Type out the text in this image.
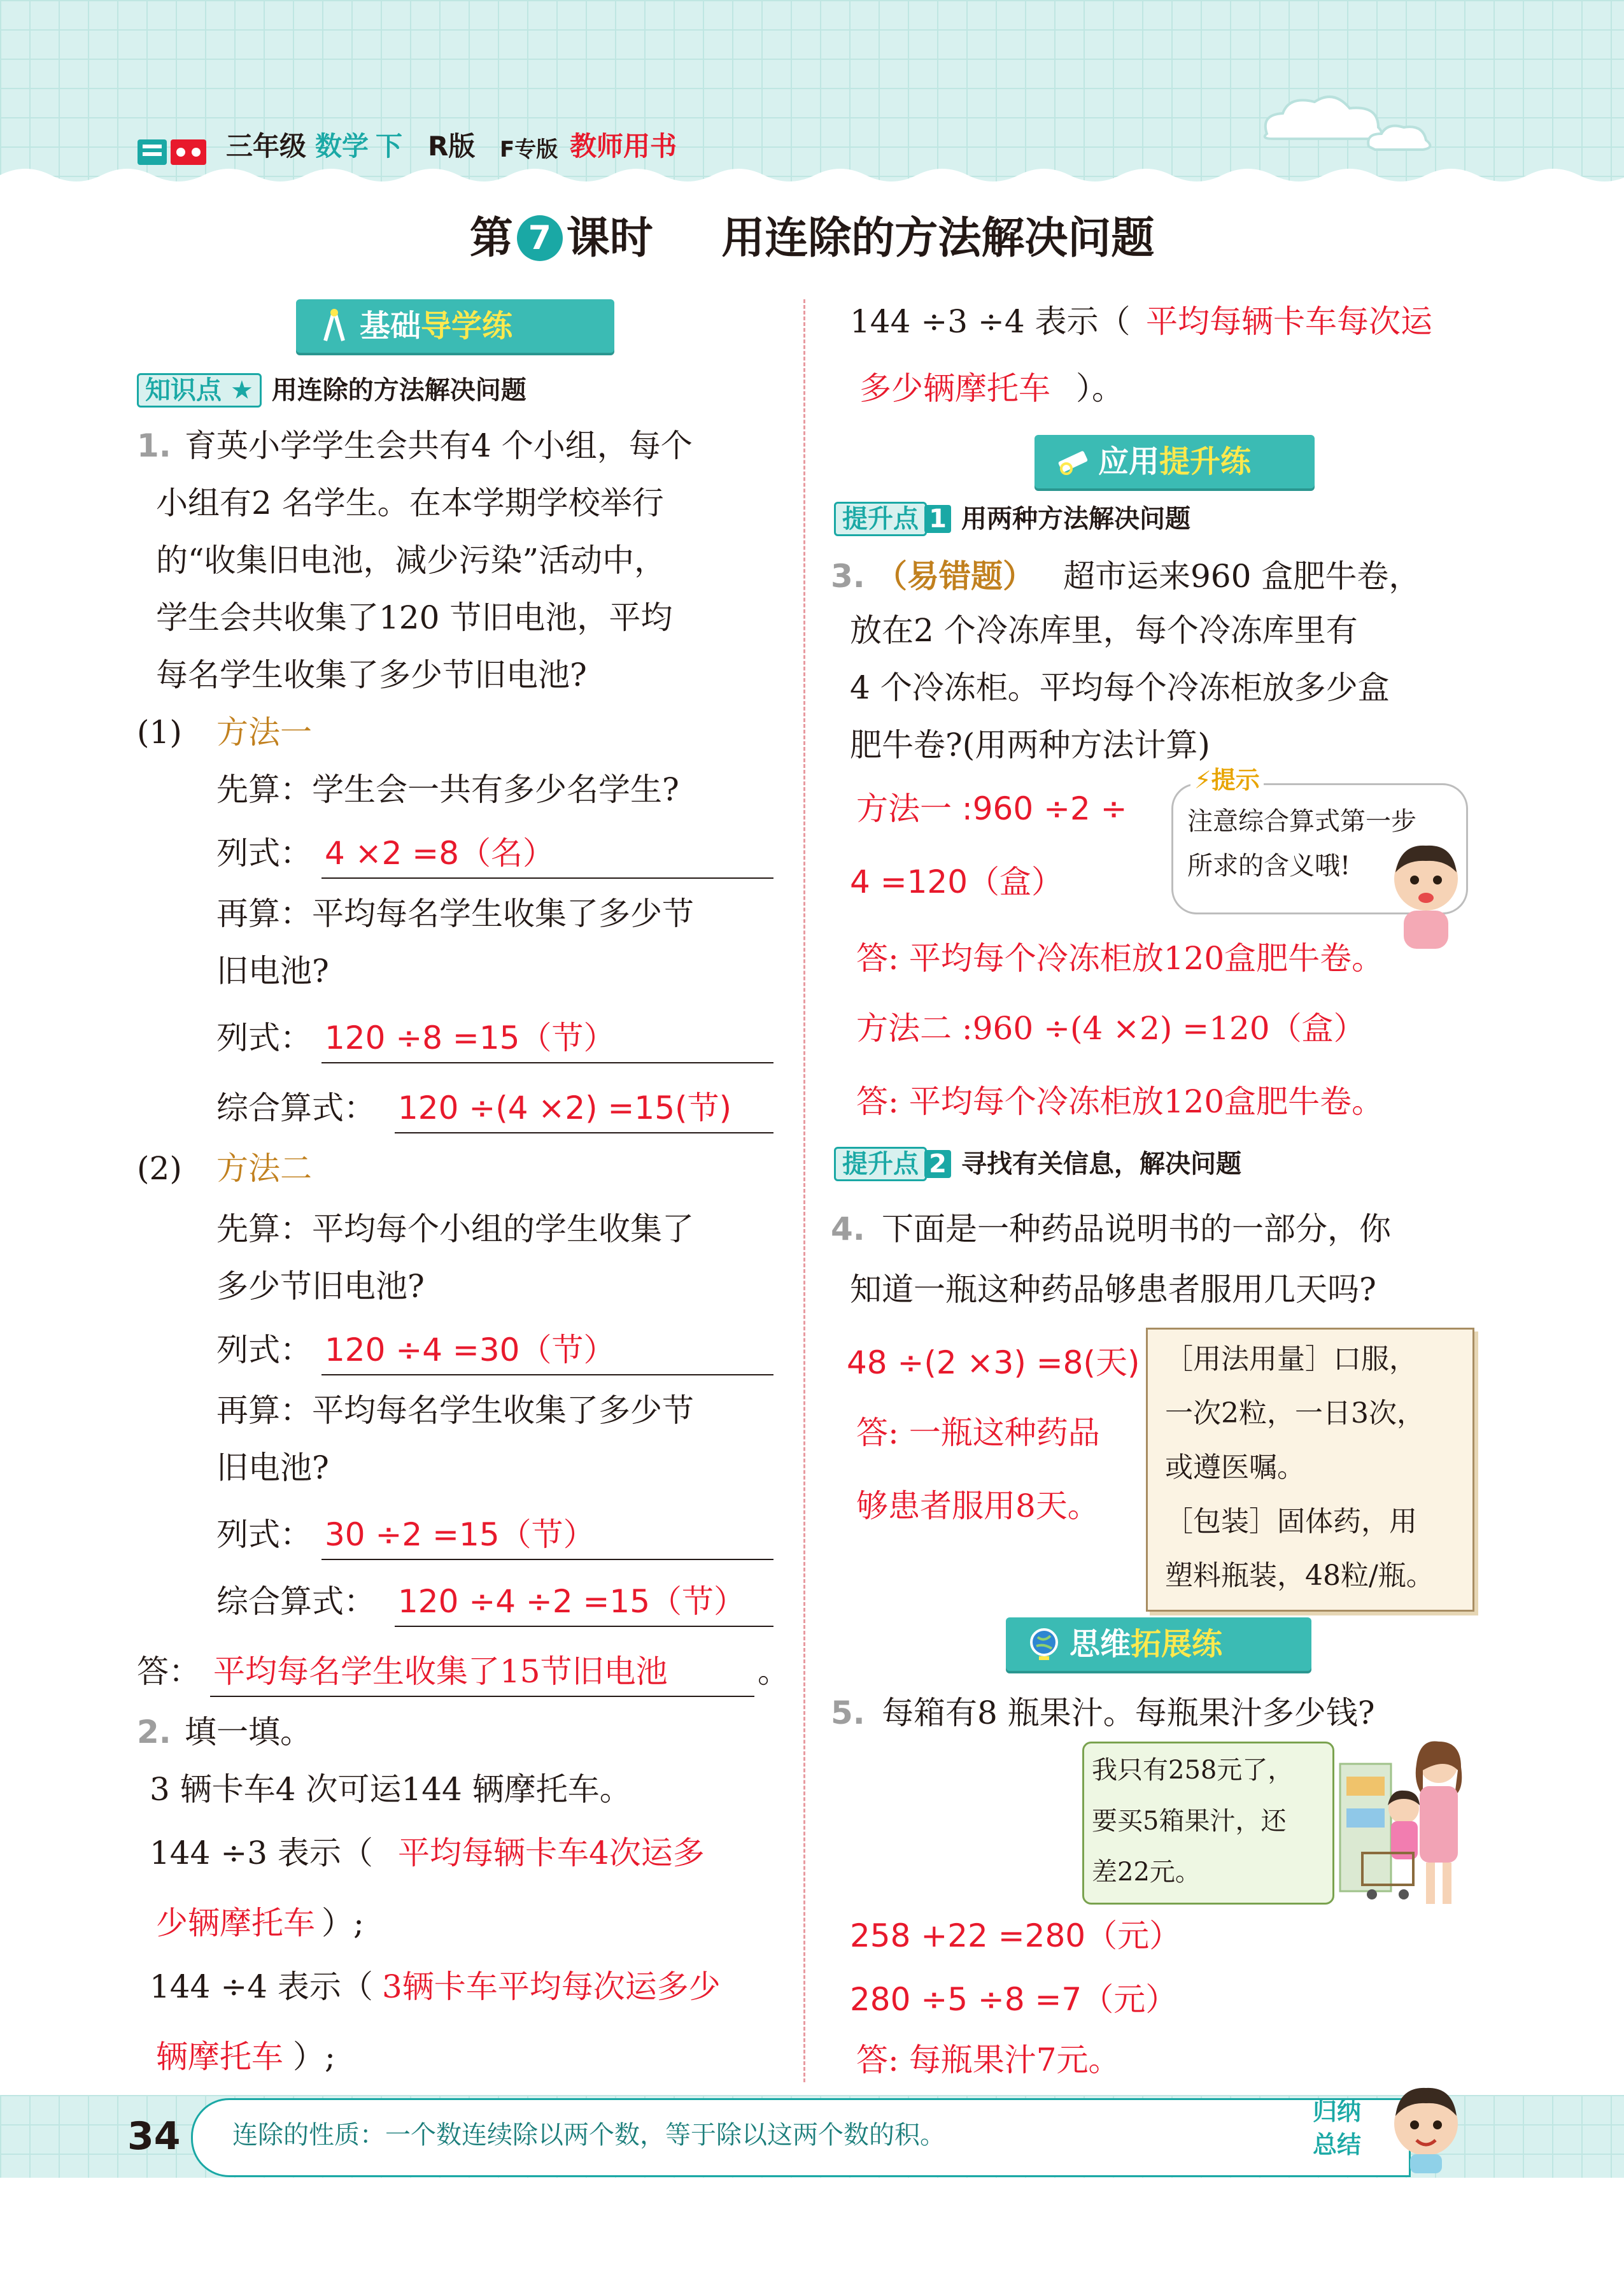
三年级 数学 下 R版 F专版 教师用书
第 7 课时 用连除的方法解决问题
基础导学练
知识点 ★ 用连除的方法解决问题
1. 育英小学学生会共有4 个小组，每个
小组有2 名学生。在本学期学校举行
的“收集旧电池，减少污染”活动中，
学生会共收集了120 节旧电池，平均
每名学生收集了多少节旧电池?
(1) 方法一
先算：学生会一共有多少名学生?
列式： 4 ×2 =8（名）
再算：平均每名学生收集了多少节
旧电池?
列式： 120 ÷8 =15（节）
综合算式： 120 ÷(4 ×2) =15(节)
(2) 方法二
先算：平均每个小组的学生收集了
多少节旧电池?
列式： 120 ÷4 =30（节）
再算：平均每名学生收集了多少节
旧电池?
列式： 30 ÷2 =15（节）
综合算式： 120 ÷4 ÷2 =15（节）
答： 平均每名学生收集了15节旧电池	。
2. 填一填。
3 辆卡车4 次可运144 辆摩托车。
144 ÷3 表示（ 平均每辆卡车4次运多
少辆摩托车 ）;
144 ÷4 表示（ 3辆卡车平均每次运多少
辆摩托车 ）;
144 ÷3 ÷4 表示（ 平均每辆卡车每次运
多少辆摩托车 ）。
应用提升练
提升点 1 用两种方法解决问题
3. （易错题） 超市运来960 盒肥牛卷，
放在2 个冷冻库里，每个冷冻库里有
4 个冷冻柜。平均每个冷冻柜放多少盒
肥牛卷?(用两种方法计算)
方法一 :960 ÷2 ÷
4 =120（盒）
⚡提示
注意综合算式第一步
所求的含义哦!
答: 平均每个冷冻柜放120盒肥牛卷。
方法二 :960 ÷(4 ×2) =120（盒）
答: 平均每个冷冻柜放120盒肥牛卷。
提升点 2 寻找有关信息，解决问题
4. 下面是一种药品说明书的一部分，你
知道一瓶这种药品够患者服用几天吗?
48 ÷(2 ×3) =8(天)
答: 一瓶这种药品
够患者服用8天。
［用法用量］口服，
一次2粒，一日3次，
或遵医嘱。
［包装］固体药，用
塑料瓶装，48粒/瓶。
思维拓展练
5. 每箱有8 瓶果汁。每瓶果汁多少钱?
我只有258元了，
要买5箱果汁，还
差22元。
258 +22 =280（元）
280 ÷5 ÷8 =7（元）
答: 每瓶果汁7元。
34 连除的性质：一个数连续除以两个数，等于除以这两个数的积。
归纳
总结
